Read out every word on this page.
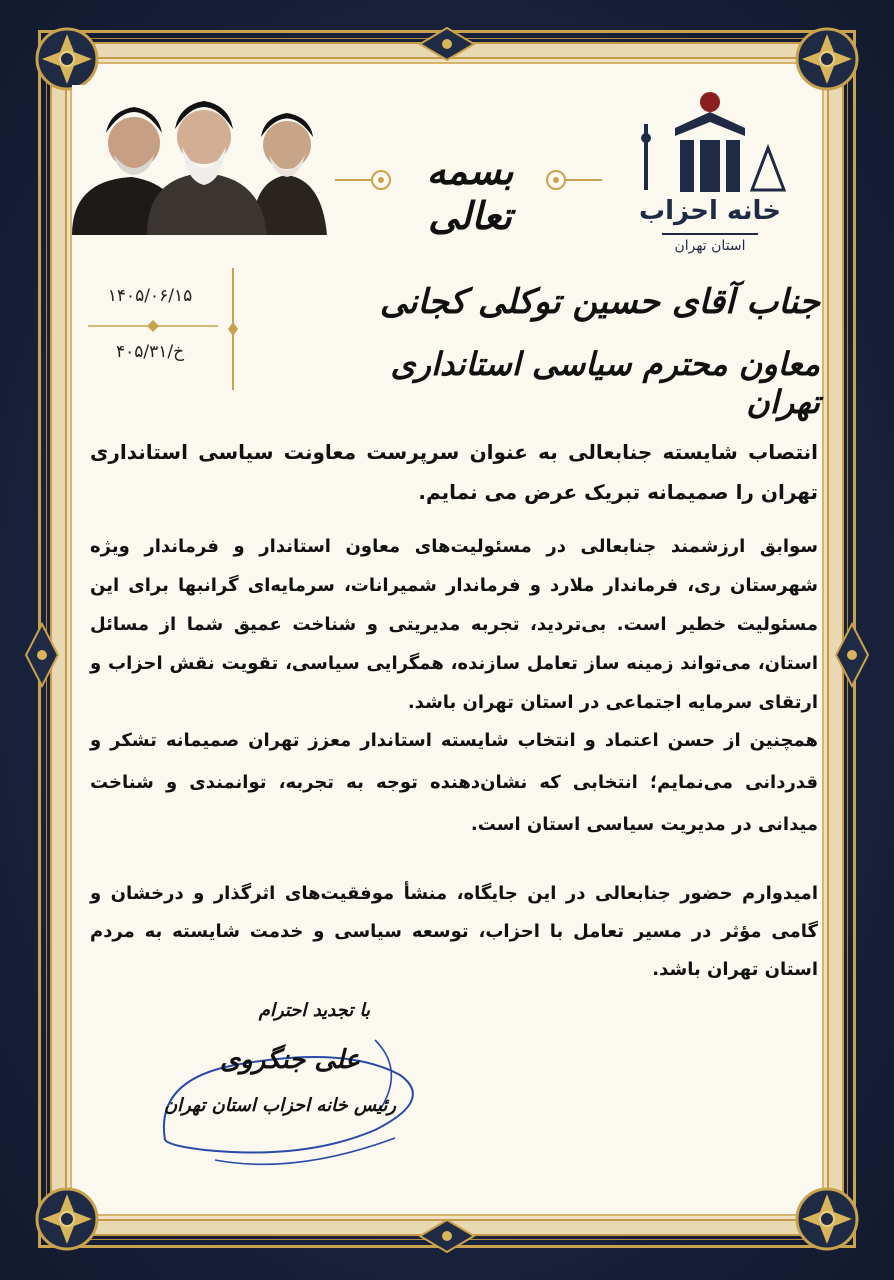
بسمه تعالی	خانه احزاب
استان تهران
۱۴۰۵/۰۶/۱۵
۴۰۵/خ/۳۱
جناب آقای حسین توکلی کجانی
معاون محترم سیاسی استانداری تهران
انتصاب شایسته جنابعالی به عنوان سرپرست معاونت سیاسی استانداری تهران را صمیمانه تبریک عرض می نمایم.
سوابق ارزشمند جنابعالی در مسئولیت‌های معاون استاندار و فرماندار ویژه شهرستان ری، فرماندار ملارد و فرماندار شمیرانات، سرمایه‌ای گرانبها برای این مسئولیت خطیر است. بی‌تردید، تجربه مدیریتی و شناخت عمیق شما از مسائل استان، می‌تواند زمینه ساز تعامل سازنده، همگرایی سیاسی، تقویت نقش احزاب و ارتقای سرمایه اجتماعی در استان تهران باشد.
همچنین از حسن اعتماد و انتخاب شایسته استاندار معزز تهران صمیمانه تشکر و قدردانی می‌نمایم؛ انتخابی که نشان‌دهنده توجه به تجربه، توانمندی و شناخت میدانی در مدیریت سیاسی استان است.
امیدوارم حضور جنابعالی در این جایگاه، منشأ موفقیت‌های اثرگذار و درخشان و گامی مؤثر در مسیر تعامل با احزاب، توسعه سیاسی و خدمت شایسته به مردم استان تهران باشد.
با تجدید احترام
علی جنگروی
رئیس خانه احزاب استان تهران
